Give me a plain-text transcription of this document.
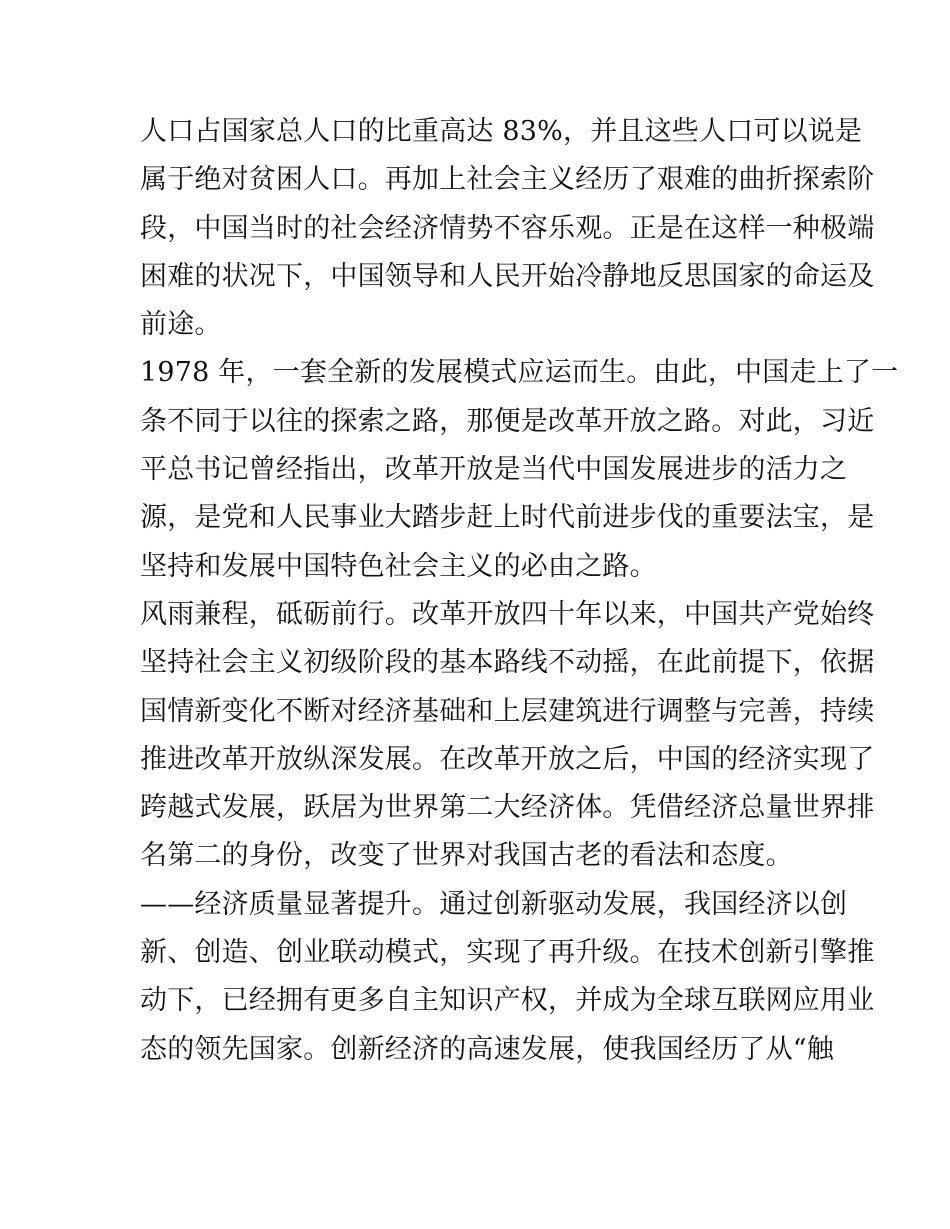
人口占国家总人口的比重高达 83%，并且这些人口可以说是
属于绝对贫困人口。再加上社会主义经历了艰难的曲折探索阶
段，中国当时的社会经济情势不容乐观。正是在这样一种极端
困难的状况下，中国领导和人民开始冷静地反思国家的命运及
前途。
1978 年，一套全新的发展模式应运而生。由此，中国走上了一
条不同于以往的探索之路，那便是改革开放之路。对此，习近
平总书记曾经指出，改革开放是当代中国发展进步的活力之
源，是党和人民事业大踏步赶上时代前进步伐的重要法宝，是
坚持和发展中国特色社会主义的必由之路。
风雨兼程，砥砺前行。改革开放四十年以来，中国共产党始终
坚持社会主义初级阶段的基本路线不动摇，在此前提下，依据
国情新变化不断对经济基础和上层建筑进行调整与完善，持续
推进改革开放纵深发展。在改革开放之后，中国的经济实现了
跨越式发展，跃居为世界第二大经济体。凭借经济总量世界排
名第二的身份，改变了世界对我国古老的看法和态度。
——经济质量显著提升。通过创新驱动发展，我国经济以创
新、创造、创业联动模式，实现了再升级。在技术创新引擎推
动下，已经拥有更多自主知识产权，并成为全球互联网应用业
态的领先国家。创新经济的高速发展，使我国经历了从“触
